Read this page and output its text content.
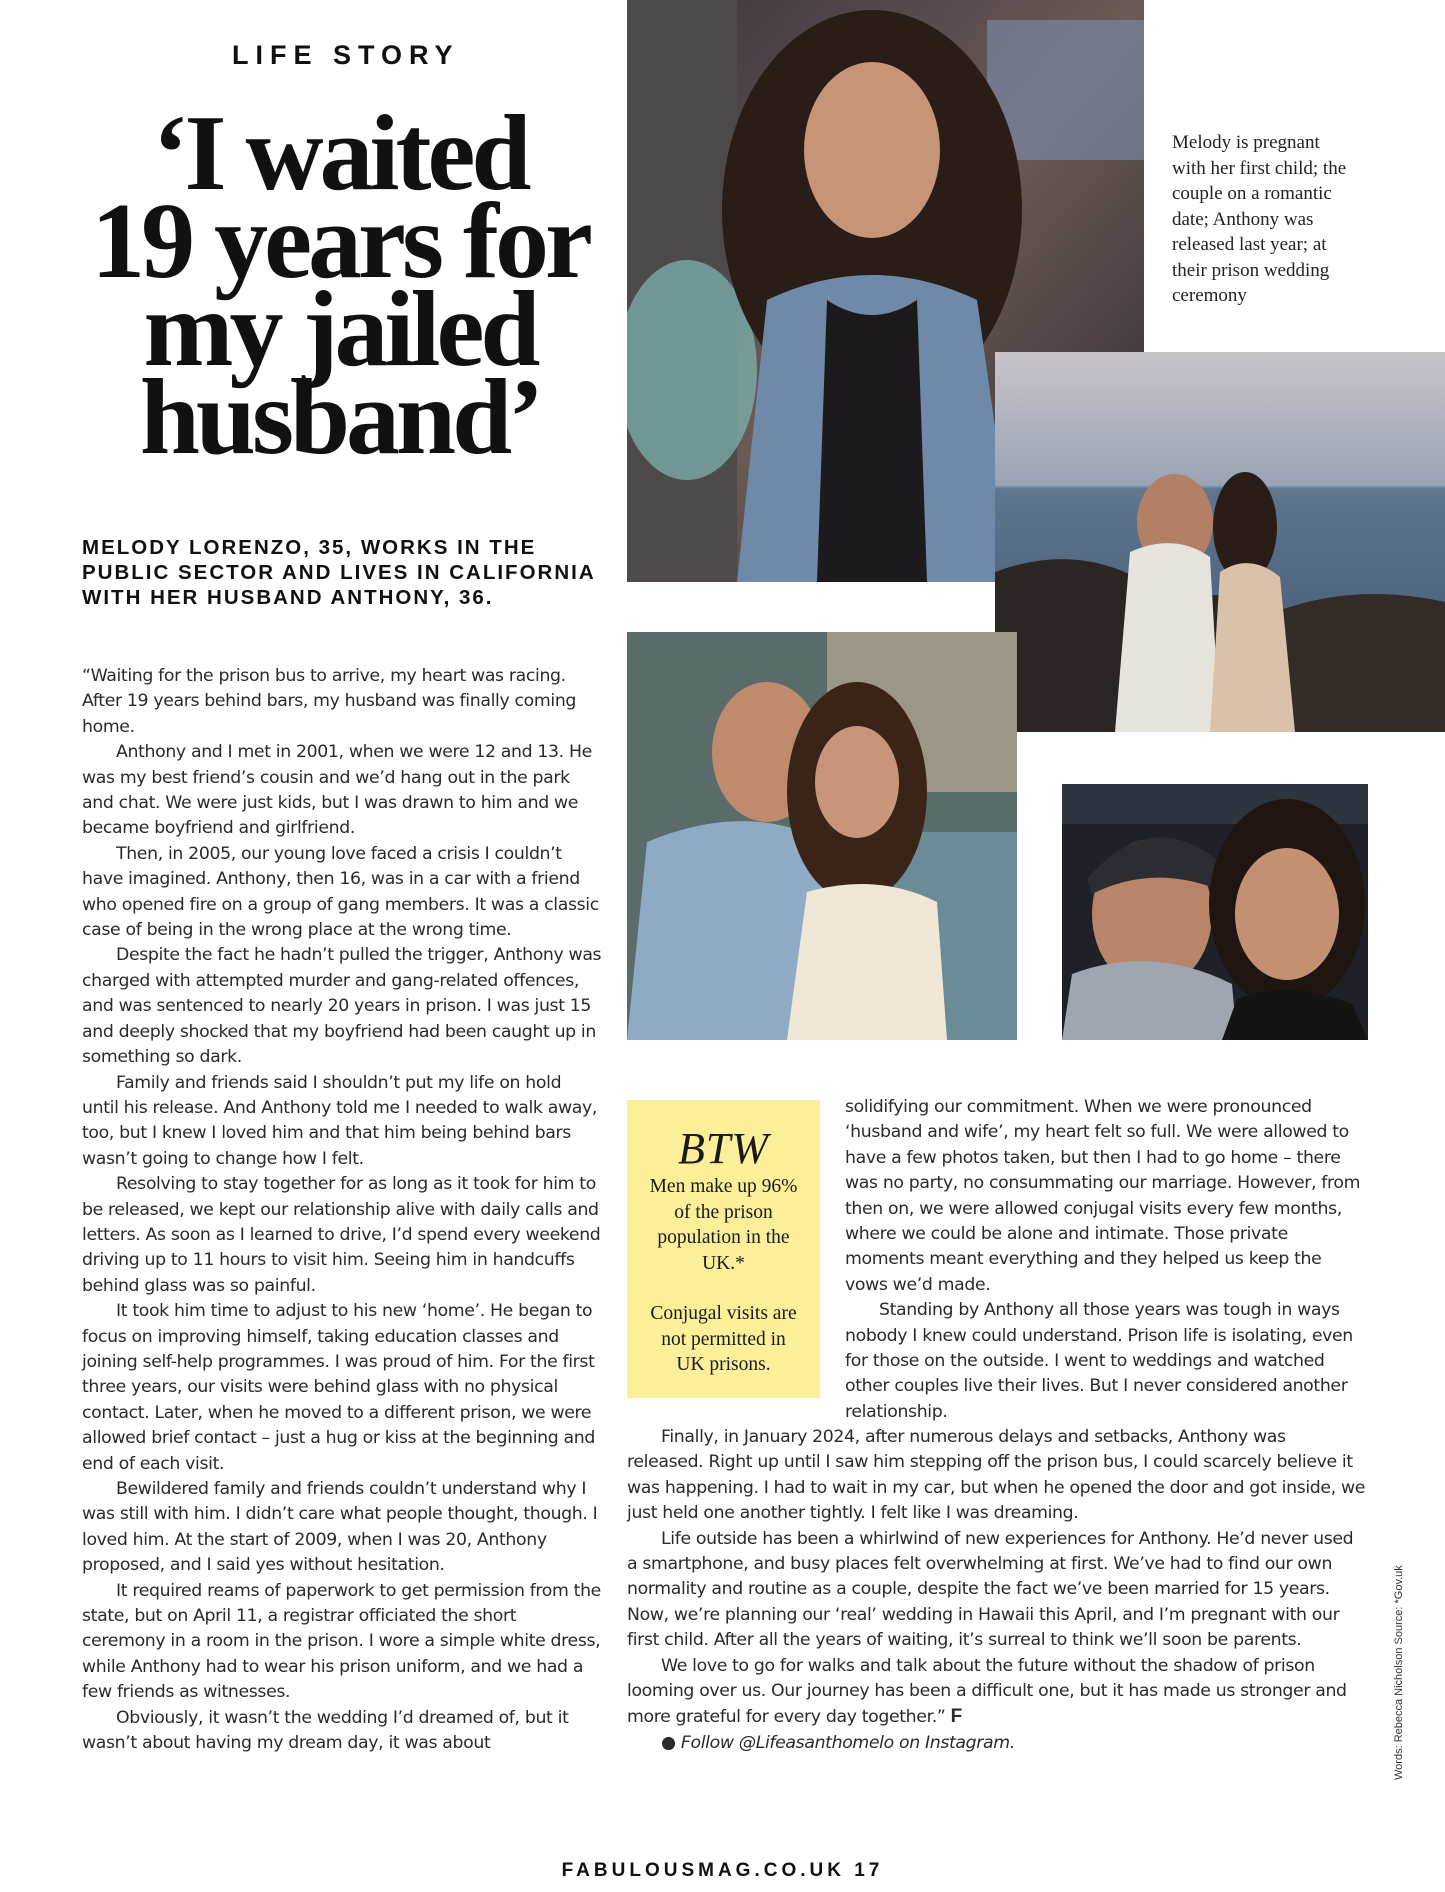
LIFE STORY
‘I waited
19 years for
my jailed
husband’
MELODY LORENZO, 35, WORKS IN THE PUBLIC SECTOR AND LIVES IN CALIFORNIA WITH HER HUSBAND ANTHONY, 36.
Melody is pregnant with her first child; the couple on a romantic date; Anthony was released last year; at their prison wedding ceremony
BTW
Men make up 96% of the prison population in the UK.*
Conjugal visits are not permitted in UK prisons.

“Waiting for the prison bus to arrive, my heart was racing. After 19 years behind bars, my husband was finally coming home.

Anthony and I met in 2001, when we were 12 and 13. He was my best friend’s cousin and we’d hang out in the park and chat. We were just kids, but I was drawn to him and we became boyfriend and girlfriend.

Then, in 2005, our young love faced a crisis I couldn’t have imagined. Anthony, then 16, was in a car with a friend who opened fire on a group of gang members. It was a classic case of being in the wrong place at the wrong time.

Despite the fact he hadn’t pulled the trigger, Anthony was charged with attempted murder and gang-related offences, and was sentenced to nearly 20 years in prison. I was just 15 and deeply shocked that my boyfriend had been caught up in something so dark.

Family and friends said I shouldn’t put my life on hold until his release. And Anthony told me I needed to walk away, too, but I knew I loved him and that him being behind bars wasn’t going to change how I felt.

Resolving to stay together for as long as it took for him to be released, we kept our relationship alive with daily calls and letters. As soon as I learned to drive, I’d spend every weekend driving up to 11 hours to visit him. Seeing him in handcuffs behind glass was so painful.

It took him time to adjust to his new ‘home’. He began to focus on improving himself, taking education classes and joining self-help programmes. I was proud of him. For the first three years, our visits were behind glass with no physical contact. Later, when he moved to a different prison, we were allowed brief contact – just a hug or kiss at the beginning and end of each visit.

Bewildered family and friends couldn’t understand why I was still with him. I didn’t care what people thought, though. I loved him. At the start of 2009, when I was 20, Anthony proposed, and I said yes without hesitation.

It required reams of paperwork to get permission from the state, but on April 11, a registrar officiated the short ceremony in a room in the prison. I wore a simple white dress, while Anthony had to wear his prison uniform, and we had a few friends as witnesses.

Obviously, it wasn’t the wedding I’d dreamed of, but it wasn’t about having my dream day, it was about

solidifying our commitment. When we were pronounced ‘husband and wife’, my heart felt so full. We were allowed to have a few photos taken, but then I had to go home – there was no party, no consummating our marriage. However, from then on, we were allowed conjugal visits every few months, where we could be alone and intimate. Those private moments meant everything and they helped us keep the vows we’d made.

Standing by Anthony all those years was tough in ways nobody I knew could understand. Prison life is isolating, even for those on the outside. I went to weddings and watched other couples live their lives. But I never considered another relationship.

Finally, in January 2024, after numerous delays and setbacks, Anthony was released. Right up until I saw him stepping off the prison bus, I could scarcely believe it was happening. I had to wait in my car, but when he opened the door and got inside, we just held one another tightly. I felt like I was dreaming.

Life outside has been a whirlwind of new experiences for Anthony. He’d never used a smartphone, and busy places felt overwhelming at first. We’ve had to find our own normality and routine as a couple, despite the fact we’ve been married for 15 years. Now, we’re planning our ‘real’ wedding in Hawaii this April, and I’m pregnant with our first child. After all the years of waiting, it’s surreal to think we’ll soon be parents.

We love to go for walks and talk about the future without the shadow of prison looming over us. Our journey has been a difficult one, but it has made us stronger and more grateful for every day together.” F

● Follow @Lifeasanthomelo on Instagram.	Words: Rebecca Nicholson Source: *Gov.uk
FABULOUSMAG.CO.UK 17
